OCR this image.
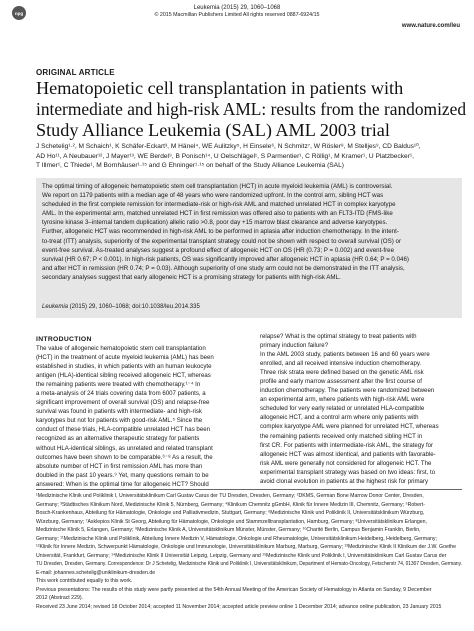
npg
Leukemia (2015) 29, 1060–1068
© 2015 Macmillan Publishers Limited All rights reserved 0887-6924/15
www.nature.com/leu
ORIGINAL ARTICLE
Hematopoietic cell transplantation in patients with
intermediate and high-risk AML: results from the randomized
Study Alliance Leukemia (SAL) AML 2003 trial
J Schetelig¹·², M Schaich¹, K Schäfer-Eckart³, M Hänel⁴, WE Aulitzky⁵, H Einsele⁶, N Schmitz⁷, W Rösler⁸, M Stelljes⁹, CD Baldus¹⁰,
AD Ho¹¹, A Neubauer¹², J Mayer¹³, WE Berdel⁹, B Ponisch¹⁴, U Oelschlägel¹, S Parmentier¹, C Röllig¹, M Kramer¹, U Platzbecker¹,
T Illmer¹, C Thiede¹, M Bornhäuser¹·¹⁵ and G Ehninger¹·¹⁵ on behalf of the Study Alliance Leukemia (SAL)
The optimal timing of allogeneic hematopoietic stem cell transplantation (HCT) in acute myeloid leukemia (AML) is controversial.
We report on 1179 patients with a median age of 48 years who were randomized upfront. In the control arm, sibling HCT was
scheduled in the first complete remission for intermediate-risk or high-risk AML and matched unrelated HCT in complex karyotype
AML. In the experimental arm, matched unrelated HCT in first remission was offered also to patients with an FLT3-ITD (FMS-like
tyrosine kinase 3–internal tandem duplication) allelic ratio >0.8, poor day +15 marrow blast clearance and adverse karyotypes.
Further, allogeneic HCT was recommended in high-risk AML to be performed in aplasia after induction chemotherapy. In the intent-
to-treat (ITT) analysis, superiority of the experimental transplant strategy could not be shown with respect to overall survival (OS) or
event-free survival. As-treated analyses suggest a profound effect of allogeneic HCT on OS (HR (0.73; P = 0.002) and event-free
survival (HR 0.67; P < 0.001). In high-risk patients, OS was significantly improved after allogeneic HCT in aplasia (HR 0.64; P = 0.046)
and after HCT in remission (HR 0.74; P = 0.03). Although superiority of one study arm could not be demonstrated in the ITT analysis,
secondary analyses suggest that early allogeneic HCT is a promising strategy for patients with high-risk AML.
Leukemia (2015) 29, 1060–1068; doi:10.1038/leu.2014.335
INTRODUCTION
The value of allogeneic hematopoietic stem cell transplantation
(HCT) in the treatment of acute myeloid leukemia (AML) has been
established in studies, in which patients with an human leukocyte
antigen (HLA)-identical sibling received allogeneic HCT, whereas
the remaining patients were treated with chemotherapy.¹⁻⁴ In
a meta-analysis of 24 trials covering data from 6007 patients, a
significant improvement of overall survival (OS) and relapse-free
survival was found in patients with intermediate- and high-risk
karyotypes but not for patients with good-risk AML.⁵ Since the
conduct of these trials, HLA-compatible unrelated HCT has been
recognized as an alternative therapeutic strategy for patients
without HLA-identical siblings, as unrelated and related transplant
outcomes have been shown to be comparable.⁶⁻⁸ As a result, the
absolute number of HCT in first remission AML has more than
doubled in the past 10 years.⁹ Yet, many questions remain to be
answered: When is the optimal time for allogeneic HCT? Should
relapse? What is the optimal strategy to treat patients with
primary induction failure?
In the AML 2003 study, patients between 16 and 60 years were
enrolled, and all received intensive induction chemotherapy.
Three risk strata were defined based on the genetic AML risk
profile and early marrow assessment after the first course of
induction chemotherapy. The patients were randomized between
an experimental arm, where patients with high-risk AML were
scheduled for very early related or unrelated HLA-compatible
allogeneic HCT, and a control arm where only patients with
complex karyotype AML were planned for unrelated HCT, whereas
the remaining patients received only matched sibling HCT in
first CR. For patients with intermediate-risk AML, the strategy for
allogeneic HCT was almost identical, and patients with favorable-
risk AML were generally not considered for allogeneic HCT. The
experimental transplant strategy was based on two ideas: first, to
avoid clonal evolution in patients at the highest risk for primary
¹Medizinische Klinik und Poliklinik I, Universitätsklinikum Carl Gustav Carus der TU Dresden, Dresden, Germany; ²DKMS, German Bone Marrow Donor Center, Dresden,
Germany; ³Städtisches Klinikum Nord, Medizinische Klinik 5, Nürnberg, Germany; ⁴Klinikum Chemnitz gGmbH, Klinik für Innere Medizin III, Chemnitz, Germany; ⁵Robert-
Bosch-Krankenhaus, Abteilung für Hämatologie, Onkologie und Palliativmedizin, Stuttgart, Germany; ⁶Medizinische Klinik und Poliklinik II, Universitätsklinikum Würzburg,
Würzburg, Germany; ⁷Asklepios Klinik St Georg, Abteilung für Hämatologie, Onkologie und Stammzelltransplantation, Hamburg, Germany; ⁸Universitätsklinikum Erlangen,
Medizinische Klinik 5, Erlangen, Germany; ⁹Medizinische Klinik A, Universitätsklinikum Münster, Münster, Germany; ¹⁰Charité Berlin, Campus Benjamin Franklin, Berlin,
Germany; ¹¹Medizinische Klinik und Poliklinik, Abteilung Innere Medizin V, Hämatologie, Onkologie und Rheumatologie, Universitätsklinikum Heidelberg, Heidelberg, Germany;
¹²Klinik für Innere Medizin, Schwerpunkt Hämatologie, Onkologie und Immunologie, Universitätsklinikum Marburg, Marburg, Germany; ¹³Medizinische Klinik II Klinikum der J.W. Goethe
Universität, Frankfurt, Germany; ¹⁴Medizinische Klinik II Universität Leipzig, Leipzig, Germany and ¹⁵Medizinische Klinik und Poliklinik I, Universitätsklinikum Carl Gustav Carus der
TU Dresden, Dresden, Germany. Correspondence: Dr J Schetelig, Medizinische Klinik und Poliklinik I, Universitätsklinikum, Department of Hemato-Oncology, Fetscherstr 74, 01307 Dresden, Germany.
E-mail: johannes.schetelig@uniklinikum-dresden.de
This work contributed equally to this work.
Previous presentations: The results of this study were partly presented at the 54th Annual Meeting of the American Society of Hematology in Atlanta on Sunday, 9 December
2012 (Abstract 229).
Received 23 June 2014; revised 18 October 2014; accepted 11 November 2014; accepted article preview online 1 December 2014; advance online publication, 23 January 2015
